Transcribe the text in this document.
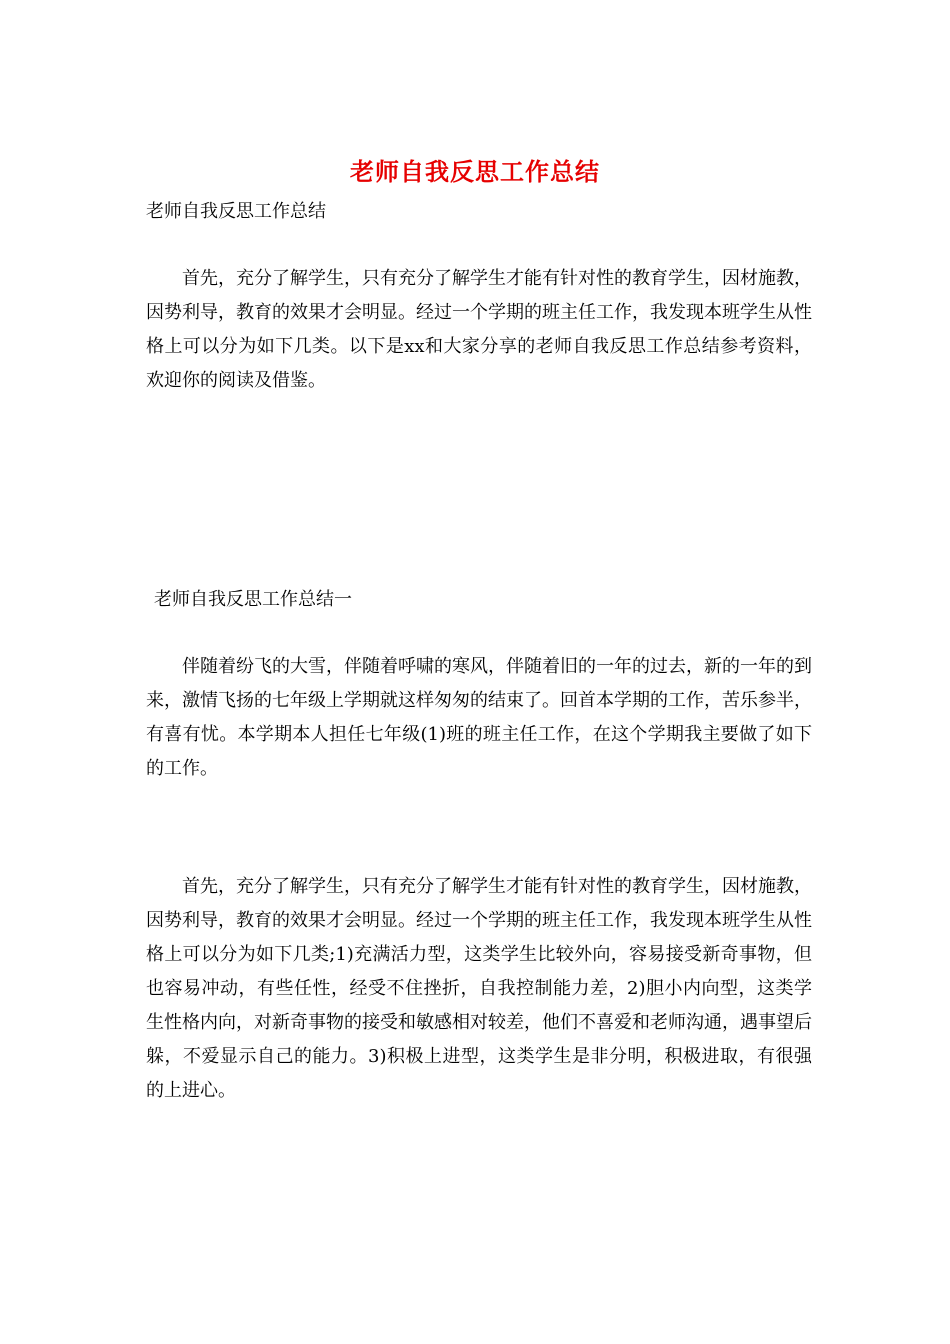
老师自我反思工作总结
老师自我反思工作总结
首先，充分了解学生，只有充分了解学生才能有针对性的教育学生，因材施教，因势利导，教育的效果才会明显。经过一个学期的班主任工作，我发现本班学生从性格上可以分为如下几类。以下是xx和大家分享的老师自我反思工作总结参考资料，欢迎你的阅读及借鉴。
老师自我反思工作总结一
伴随着纷飞的大雪，伴随着呼啸的寒风，伴随着旧的一年的过去，新的一年的到来，激情飞扬的七年级上学期就这样匆匆的结束了。回首本学期的工作，苦乐参半，有喜有忧。本学期本人担任七年级(1)班的班主任工作，在这个学期我主要做了如下的工作。
首先，充分了解学生，只有充分了解学生才能有针对性的教育学生，因材施教，因势利导，教育的效果才会明显。经过一个学期的班主任工作，我发现本班学生从性格上可以分为如下几类;1)充满活力型，这类学生比较外向，容易接受新奇事物，但也容易冲动，有些任性，经受不住挫折，自我控制能力差，2)胆小内向型，这类学生性格内向，对新奇事物的接受和敏感相对较差，他们不喜爱和老师沟通，遇事望后躲，不爱显示自己的能力。3)积极上进型，这类学生是非分明，积极进取，有很强的上进心。
